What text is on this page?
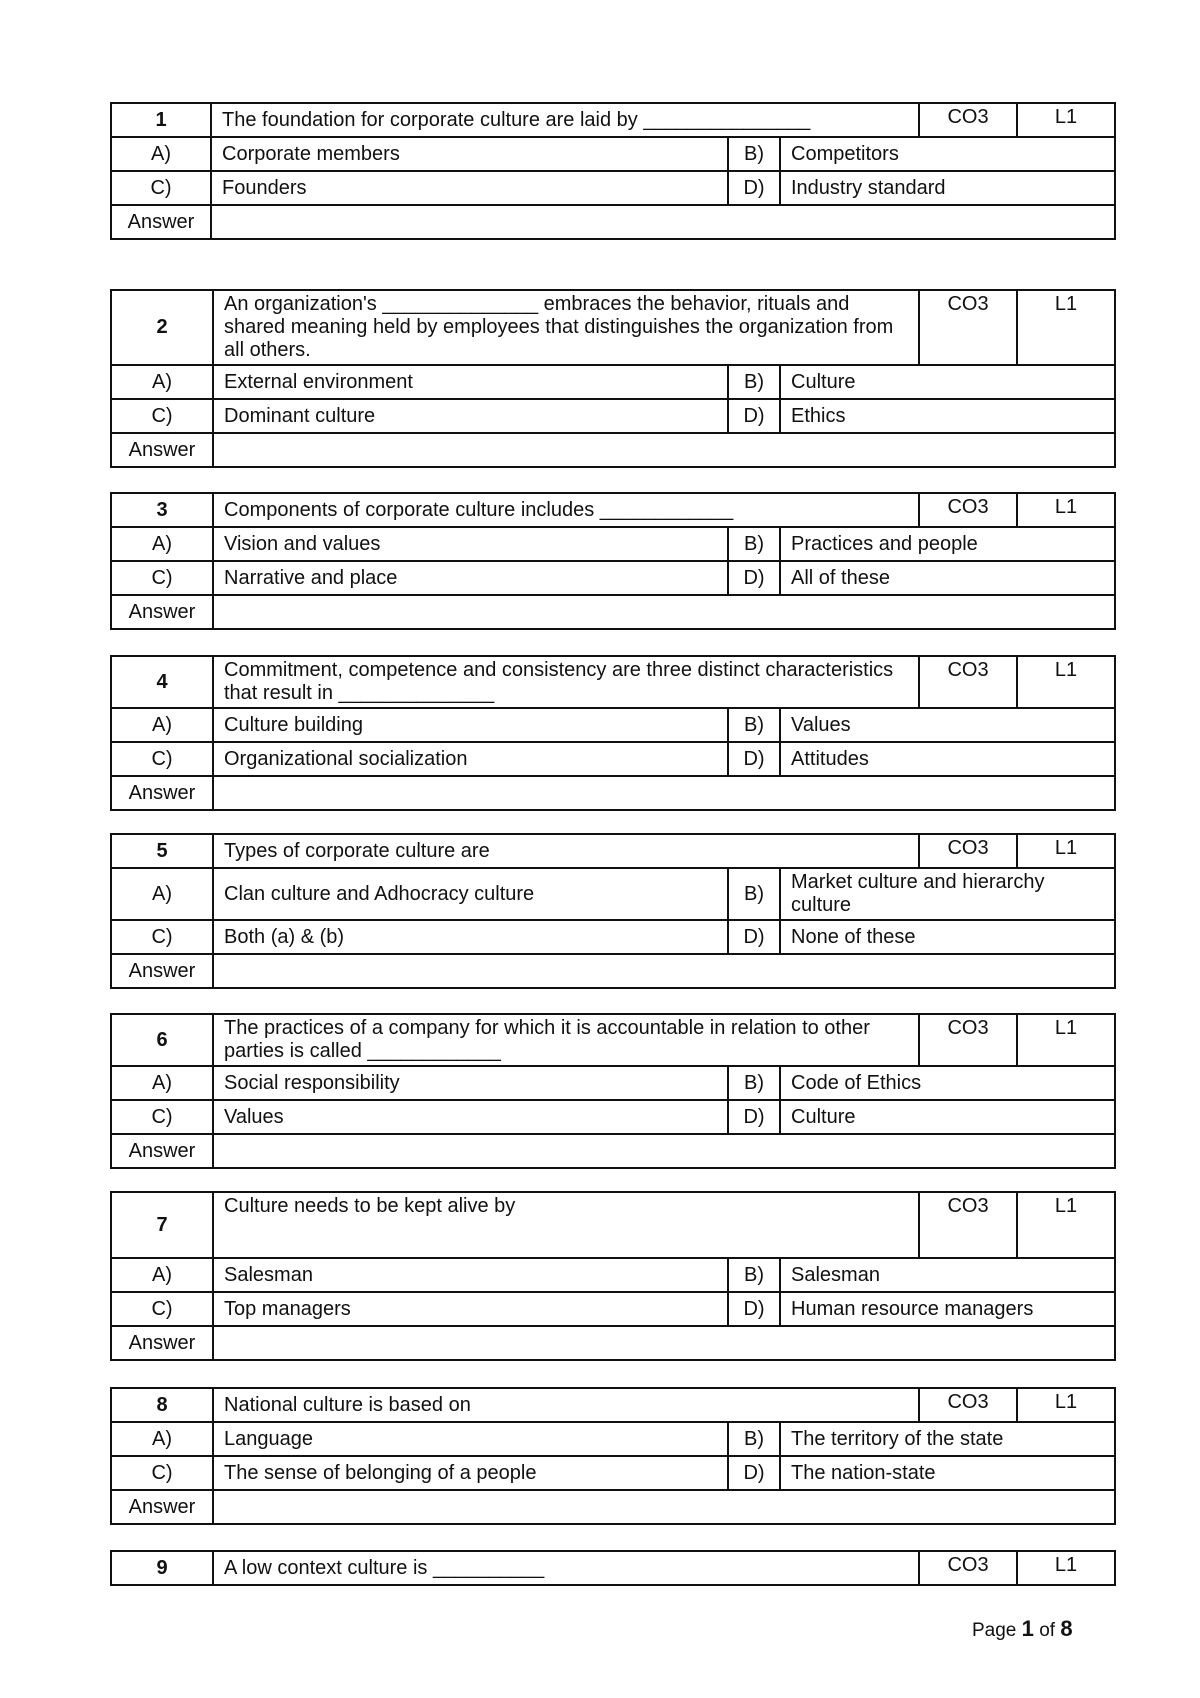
1	The foundation for corporate culture are laid by _______________			CO3	L1
A)	Corporate members	B)	Competitors		
C)	Founders	D)	Industry standard		
Answer					
2	An organization's ______________ embraces the behavior, rituals and shared meaning held by employees that distinguishes the organization from all others.			CO3	L1
A)	External environment	B)	Culture		
C)	Dominant culture	D)	Ethics		
Answer					
3	Components of corporate culture includes ____________			CO3	L1
A)	Vision and values	B)	Practices and people		
C)	Narrative and place	D)	All of these		
Answer					
4	Commitment, competence and consistency are three distinct characteristics that result in ______________			CO3	L1
A)	Culture building	B)	Values		
C)	Organizational socialization	D)	Attitudes		
Answer					
5	Types of corporate culture are			CO3	L1
A)	Clan culture and Adhocracy culture	B)	Market culture and hierarchy culture		
C)	Both (a) & (b)	D)	None of these		
Answer					
6	The practices of a company for which it is accountable in relation to other parties is called ____________			CO3	L1
A)	Social responsibility	B)	Code of Ethics		
C)	Values	D)	Culture		
Answer					
7	Culture needs to be kept alive by			CO3	L1
A)	Salesman	B)	Salesman		
C)	Top managers	D)	Human resource managers		
Answer					
8	National culture is based on			CO3	L1
A)	Language	B)	The territory of the state		
C)	The sense of belonging of a people	D)	The nation-state		
Answer					
9	A low context culture is __________	CO3	L1
Page 1 of 8
